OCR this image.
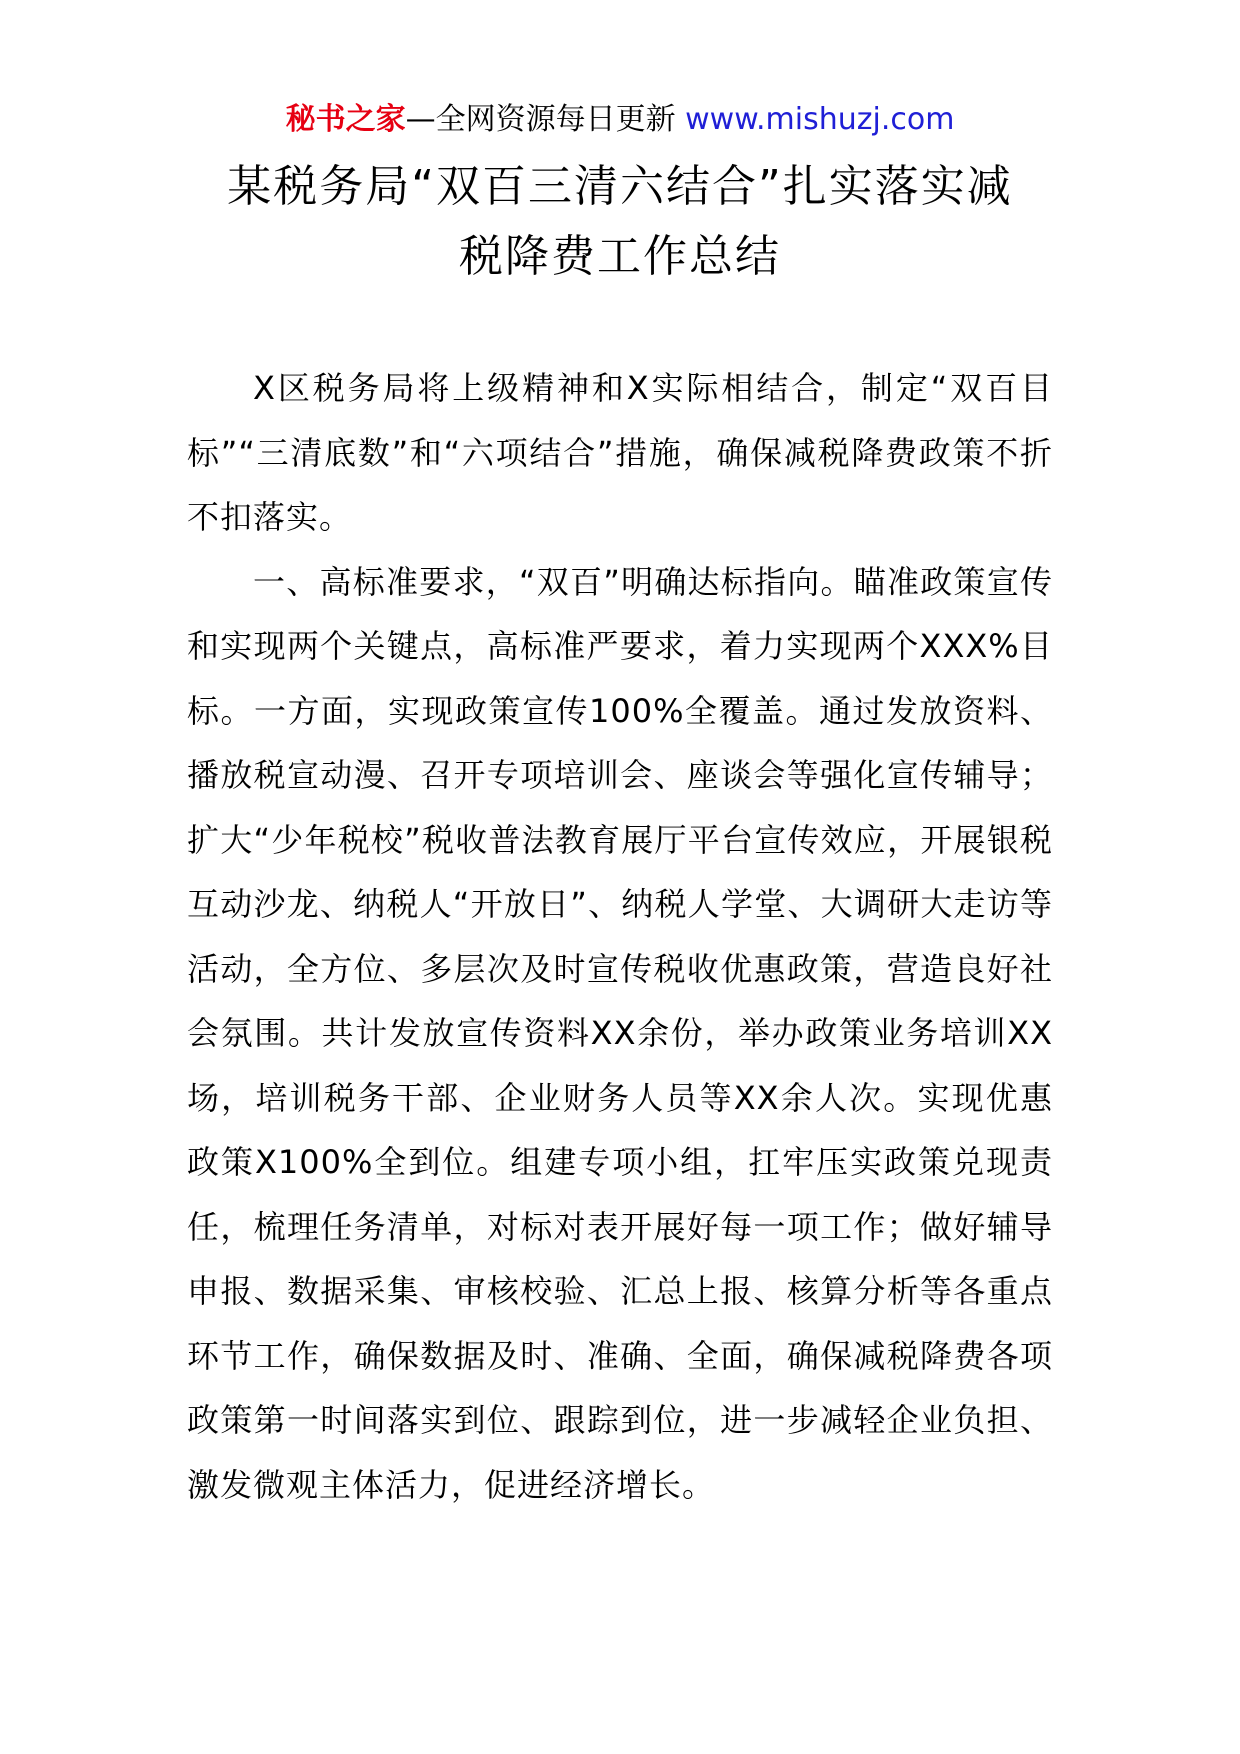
秘书之家—全网资源每日更新 www.mishuzj.com
某税务局“双百三清六结合”扎实落实减
税降费工作总结

X区税务局将上级精神和X实际相结合，制定“双百目标”“三清底数”和“六项结合”措施，确保减税降费政策不折不扣落实。

一、高标准要求，“双百”明确达标指向。瞄准政策宣传和实现两个关键点，高标准严要求，着力实现两个XXX%目标。一方面，实现政策宣传100%全覆盖。通过发放资料、播放税宣动漫、召开专项培训会、座谈会等强化宣传辅导；扩大“少年税校”税收普法教育展厅平台宣传效应，开展银税互动沙龙、纳税人“开放日”、纳税人学堂、大调研大走访等活动，全方位、多层次及时宣传税收优惠政策，营造良好社会氛围。共计发放宣传资料XX余份，举办政策业务培训XX场，培训税务干部、企业财务人员等XX余人次。实现优惠政策X100%全到位。组建专项小组，扛牢压实政策兑现责任，梳理任务清单，对标对表开展好每一项工作；做好辅导申报、数据采集、审核校验、汇总上报、核算分析等各重点环节工作，确保数据及时、准确、全面，确保减税降费各项政策第一时间落实到位、跟踪到位，进一步减轻企业负担、激发微观主体活力，促进经济增长。
